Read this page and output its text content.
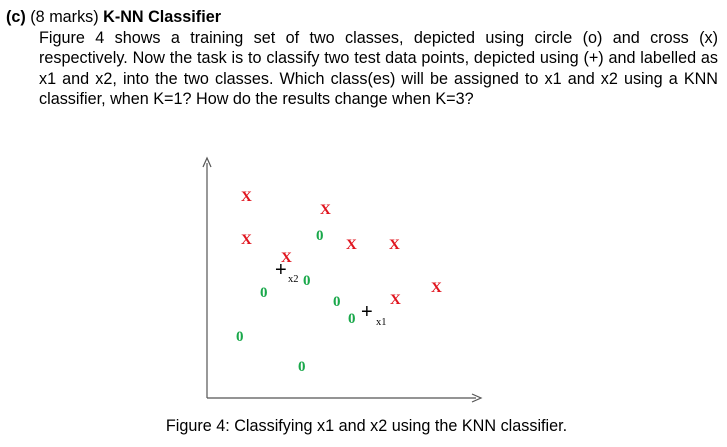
(c) (8 marks) K-NN Classifier
Figure 4 shows a training set of two classes, depicted using circle (o) and cross (x) respectively. Now the task is to classify two test data points, depicted using (+) and labelled as x1 and x2, into the two classes. Which class(es) will be assigned to x1 and x2 using a KNN classifier, when K=1? How do the results change when K=3?
X
X
X
X X
X
X
X
0
0
0
0
0
0
0
+ x2
+ x1
Figure 4: Classifying x1 and x2 using the KNN classifier.
